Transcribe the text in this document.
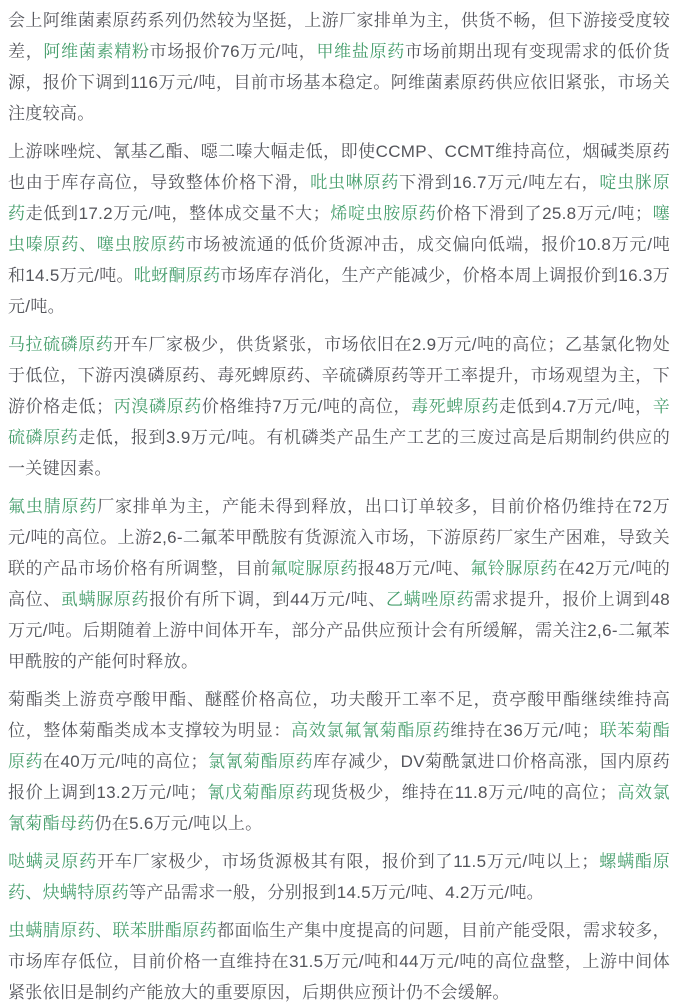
会上阿维菌素原药系列仍然较为坚挺，上游厂家排单为主，供货不畅，但下游接受度较差，阿维菌素精粉市场报价76万元/吨，甲维盐原药市场前期出现有变现需求的低价货源，报价下调到116万元/吨，目前市场基本稳定。阿维菌素原药供应依旧紧张，市场关注度较高。

上游咪唑烷、氰基乙酯、噁二嗪大幅走低，即使CCMP、CCMT维持高位，烟碱类原药也由于库存高位，导致整体价格下滑，吡虫啉原药下滑到16.7万元/吨左右，啶虫脒原药走低到17.2万元/吨，整体成交量不大；烯啶虫胺原药价格下滑到了25.8万元/吨；噻虫嗪原药、噻虫胺原药市场被流通的低价货源冲击，成交偏向低端，报价10.8万元/吨和14.5万元/吨。吡蚜酮原药市场库存消化，生产产能减少，价格本周上调报价到16.3万元/吨。

马拉硫磷原药开车厂家极少，供货紧张，市场依旧在2.9万元/吨的高位；乙基氯化物处于低位，下游丙溴磷原药、毒死蜱原药、辛硫磷原药等开工率提升，市场观望为主，下游价格走低；丙溴磷原药价格维持7万元/吨的高位，毒死蜱原药走低到4.7万元/吨，辛硫磷原药走低，报到3.9万元/吨。有机磷类产品生产工艺的三废过高是后期制约供应的一关键因素。

氟虫腈原药厂家排单为主，产能未得到释放，出口订单较多，目前价格仍维持在72万元/吨的高位。上游2,6-二氟苯甲酰胺有货源流入市场，下游原药厂家生产困难，导致关联的产品市场价格有所调整，目前氟啶脲原药报48万元/吨、氟铃脲原药在42万元/吨的高位、虱螨脲原药报价有所下调，到44万元/吨、乙螨唑原药需求提升，报价上调到48万元/吨。后期随着上游中间体开车，部分产品供应预计会有所缓解，需关注2,6-二氟苯甲酰胺的产能何时释放。

菊酯类上游贲亭酸甲酯、醚醛价格高位，功夫酸开工率不足，贲亭酸甲酯继续维持高位，整体菊酯类成本支撑较为明显：高效氯氟氰菊酯原药维持在36万元/吨；联苯菊酯原药在40万元/吨的高位；氯氰菊酯原药库存减少，DV菊酰氯进口价格高涨，国内原药报价上调到13.2万元/吨；氰戊菊酯原药现货极少，维持在11.8万元/吨的高位；高效氯氰菊酯母药仍在5.6万元/吨以上。

哒螨灵原药开车厂家极少，市场货源极其有限，报价到了11.5万元/吨以上；螺螨酯原药、炔螨特原药等产品需求一般，分别报到14.5万元/吨、4.2万元/吨。

虫螨腈原药、联苯肼酯原药都面临生产集中度提高的问题，目前产能受限，需求较多，市场库存低位，目前价格一直维持在31.5万元/吨和44万元/吨的高位盘整，上游中间体紧张依旧是制约产能放大的重要原因，后期供应预计仍不会缓解。
